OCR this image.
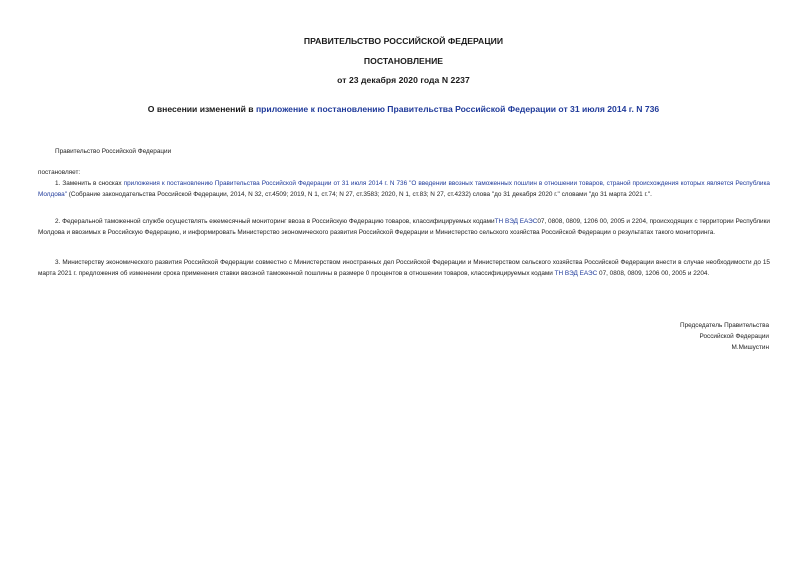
ПРАВИТЕЛЬСТВО РОССИЙСКОЙ ФЕДЕРАЦИИ
ПОСТАНОВЛЕНИЕ
от 23 декабря 2020 года N 2237
О внесении изменений в приложение к постановлению Правительства Российской Федерации от 31 июля 2014 г. N 736
Правительство Российской Федерации
постановляет:
1. Заменить в сносках приложения к постановлению Правительства Российской Федерации от 31 июля 2014 г. N 736 "О введении ввозных таможенных пошлин в отношении товаров, страной происхождения которых является Республика Молдова" (Собрание законодательства Российской Федерации, 2014, N 32, ст.4509; 2019, N 1, ст.74; N 27, ст.3583; 2020, N 1, ст.83; N 27, ст.4232) слова "до 31 декабря 2020 г." словами "до 31 марта 2021 г.".
2. Федеральной таможенной службе осуществлять ежемесячный мониторинг ввоза в Российскую Федерацию товаров, классифицируемых кодамиТН ВЭД ЕАЭС07, 0808, 0809, 1206 00, 2005 и 2204, происходящих с территории Республики Молдова и ввозимых в Российскую Федерацию, и информировать Министерство экономического развития Российской Федерации и Министерство сельского хозяйства Российской Федерации о результатах такого мониторинга.
3. Министерству экономического развития Российской Федерации совместно с Министерством иностранных дел Российской Федерации и Министерством сельского хозяйства Российской Федерации внести в случае необходимости до 15 марта 2021 г. предложения об изменении срока применения ставки ввозной таможенной пошлины в размере 0 процентов в отношении товаров, классифицируемых кодами ТН ВЭД ЕАЭС 07, 0808, 0809, 1206 00, 2005 и 2204.
Председатель Правительства
Российской Федерации
М.Мишустин
